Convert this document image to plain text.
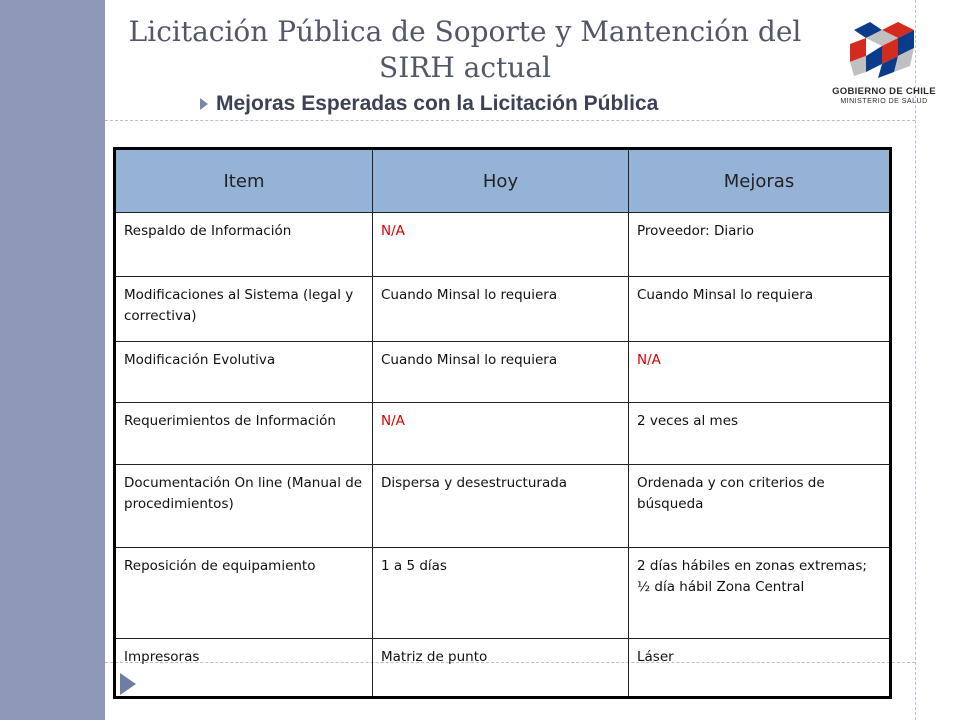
Licitación Pública de Soporte y Mantención del SIRH actual
Mejoras Esperadas con la Licitación Pública
GOBIERNO DE CHILE
MINISTERIO DE SALUD
Item	Hoy	Mejoras
Respaldo de Información	N/A	Proveedor: Diario
Modificaciones al Sistema (legal y correctiva)	Cuando Minsal lo requiera	Cuando Minsal lo requiera
Modificación Evolutiva	Cuando Minsal lo requiera	N/A
Requerimientos de Información	N/A	2 veces al mes
Documentación On line (Manual de procedimientos)	Dispersa y desestructurada	Ordenada y con criterios de búsqueda
Reposición de equipamiento	1 a 5 días	2 días hábiles en zonas extremas; ½ día hábil Zona Central
Impresoras	Matriz de punto	Láser
